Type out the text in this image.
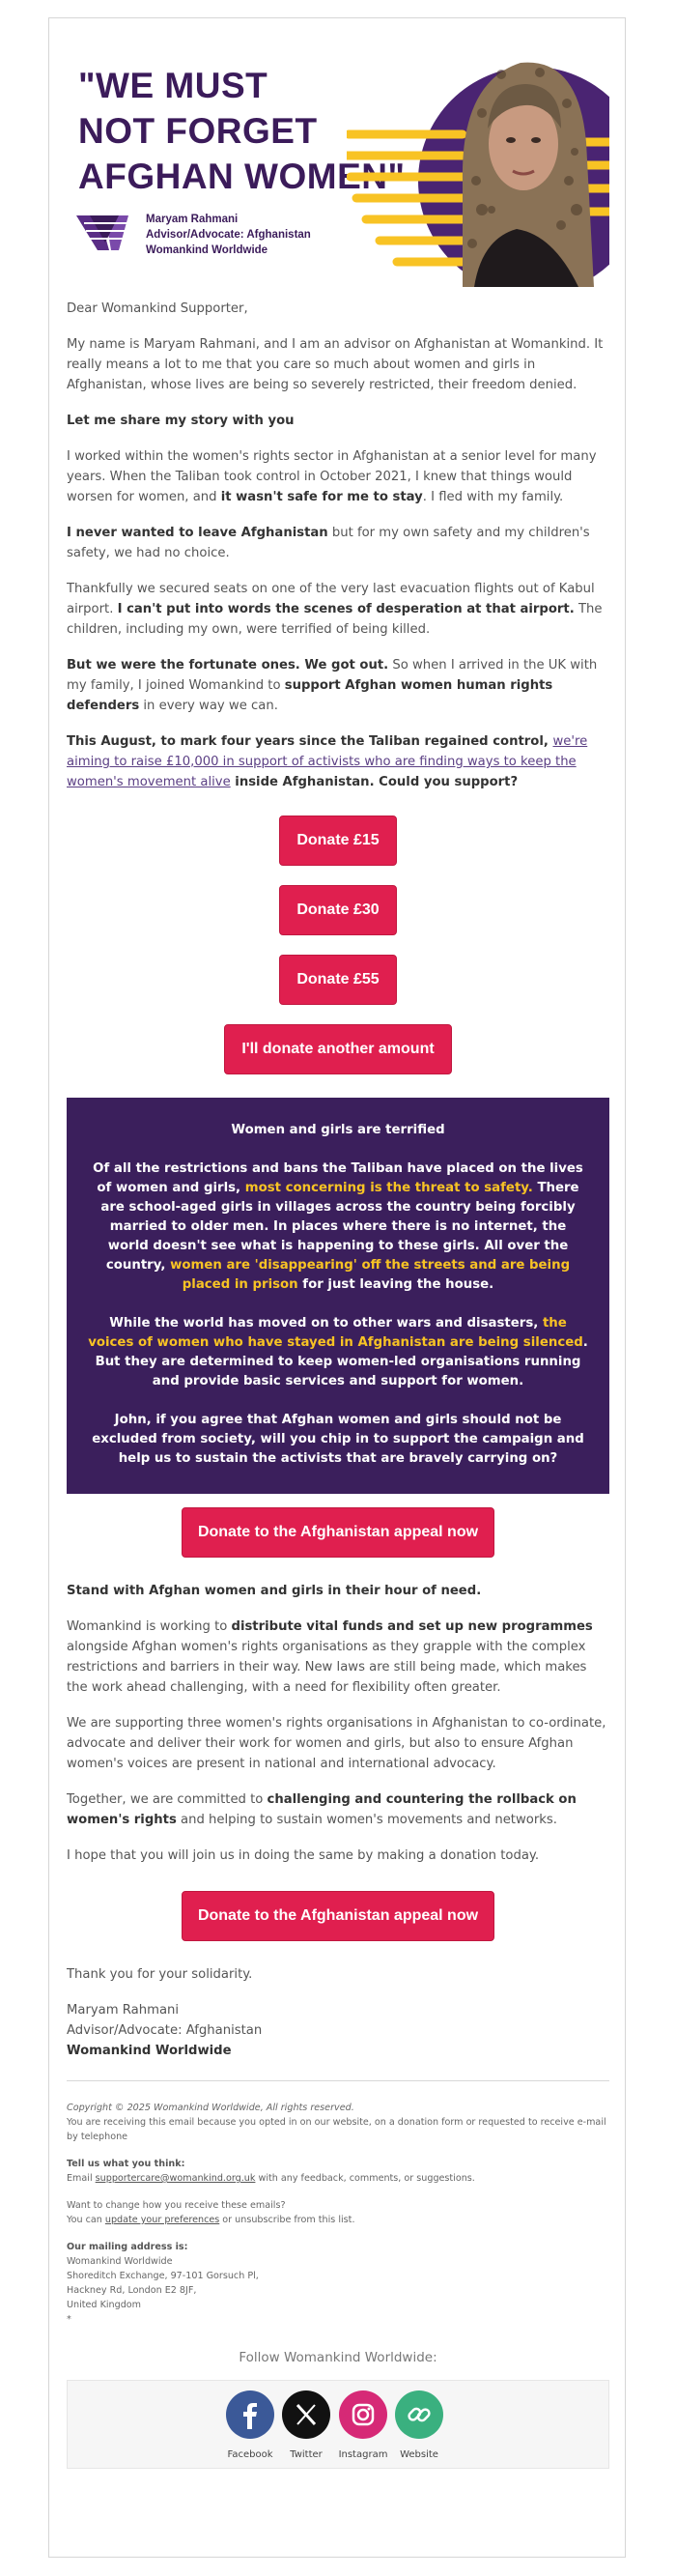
"WE MUST
NOT FORGET
AFGHAN WOMEN"
Maryam Rahmani
Advisor/Advocate: Afghanistan
Womankind Worldwide

Dear Womankind Supporter,

My name is Maryam Rahmani, and I am an advisor on Afghanistan at Womankind. It really means a lot to me that you care so much about women and girls in Afghanistan, whose lives are being so severely restricted, their freedom denied.

Let me share my story with you

I worked within the women's rights sector in Afghanistan at a senior level for many years. When the Taliban took control in October 2021, I knew that things would worsen for women, and it wasn't safe for me to stay. I fled with my family.

I never wanted to leave Afghanistan but for my own safety and my children's safety, we had no choice.

Thankfully we secured seats on one of the very last evacuation flights out of Kabul airport. I can't put into words the scenes of desperation at that airport. The children, including my own, were terrified of being killed.

But we were the fortunate ones. We got out. So when I arrived in the UK with my family, I joined Womankind to support Afghan women human rights defenders in every way we can.

This August, to mark four years since the Taliban regained control, we're aiming to raise £10,000 in support of activists who are finding ways to keep the women's movement alive inside Afghanistan. Could you support?

Donate £15
Donate £30
Donate £55
I'll donate another amount

Women and girls are terrified

Of all the restrictions and bans the Taliban have placed on the lives of women and girls, most concerning is the threat to safety. There are school-aged girls in villages across the country being forcibly married to older men. In places where there is no internet, the world doesn't see what is happening to these girls. All over the country, women are 'disappearing' off the streets and are being placed in prison for just leaving the house.

While the world has moved on to other wars and disasters, the voices of women who have stayed in Afghanistan are being silenced. But they are determined to keep women-led organisations running and provide basic services and support for women.

John, if you agree that Afghan women and girls should not be excluded from society, will you chip in to support the campaign and help us to sustain the activists that are bravely carrying on?

Donate to the Afghanistan appeal now

Stand with Afghan women and girls in their hour of need.

Womankind is working to distribute vital funds and set up new programmes alongside Afghan women's rights organisations as they grapple with the complex restrictions and barriers in their way. New laws are still being made, which makes the work ahead challenging, with a need for flexibility often greater.

We are supporting three women's rights organisations in Afghanistan to co-ordinate, advocate and deliver their work for women and girls, but also to ensure Afghan women's voices are present in national and international advocacy.

Together, we are committed to challenging and countering the rollback on women's rights and helping to sustain women's movements and networks.

I hope that you will join us in doing the same by making a donation today.

Donate to the Afghanistan appeal now

Thank you for your solidarity.

Maryam Rahmani
Advisor/Advocate: Afghanistan
Womankind Worldwide

Copyright © 2025 Womankind Worldwide, All rights reserved.
You are receiving this email because you opted in on our website, on a donation form or requested to receive e-mail by telephone

Tell us what you think:
Email supportercare@womankind.org.uk with any feedback, comments, or suggestions.

Want to change how you receive these emails?
You can update your preferences or unsubscribe from this list.

Our mailing address is:
Womankind Worldwide
Shoreditch Exchange, 97-101 Gorsuch Pl,
Hackney Rd, London E2 8JF,
United Kingdom
*

Follow Womankind Worldwide:
Facebook	Twitter	Instagram	Website
